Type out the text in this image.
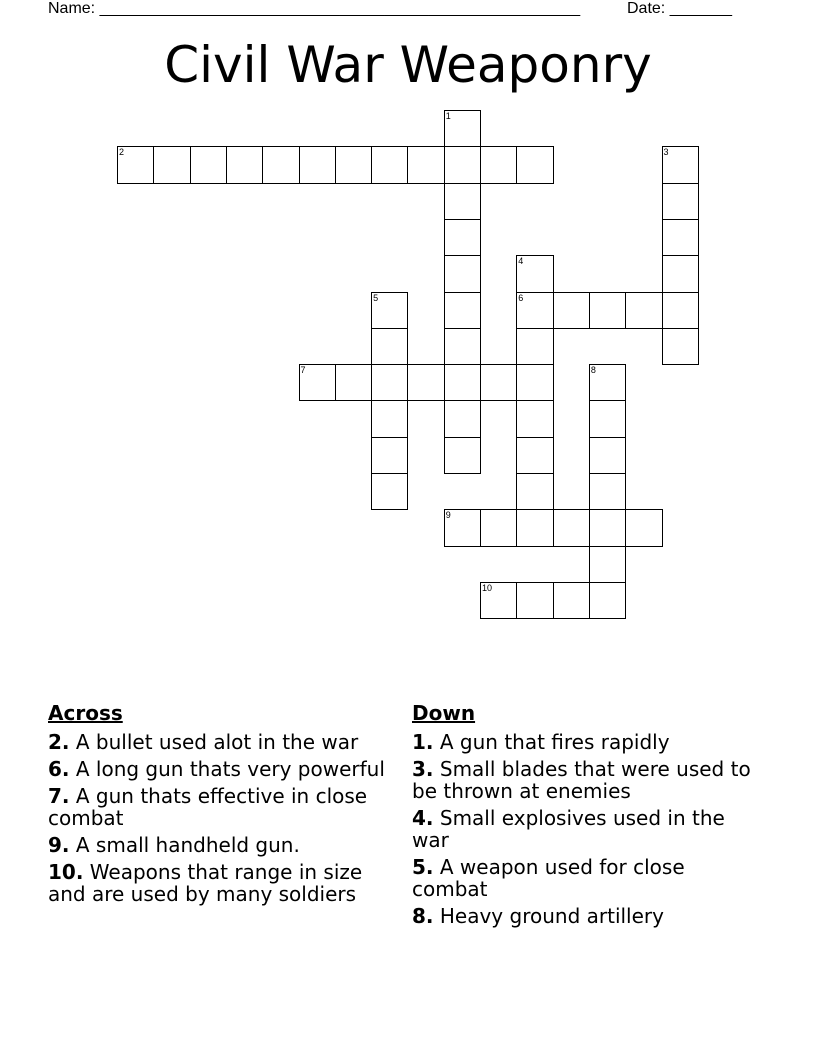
Name: ______________________________________________________	Date: _______
Civil War Weaponry
1
2	3
4
6
5
7	8
9
10
Across
2. A bullet used alot in the war
6. A long gun thats very powerful
7. A gun thats effective in close combat
9. A small handheld gun.
10. Weapons that range in size and are used by many soldiers
Down
1. A gun that fires rapidly
3. Small blades that were used to be thrown at enemies
4. Small explosives used in the war
5. A weapon used for close combat
8. Heavy ground artillery
